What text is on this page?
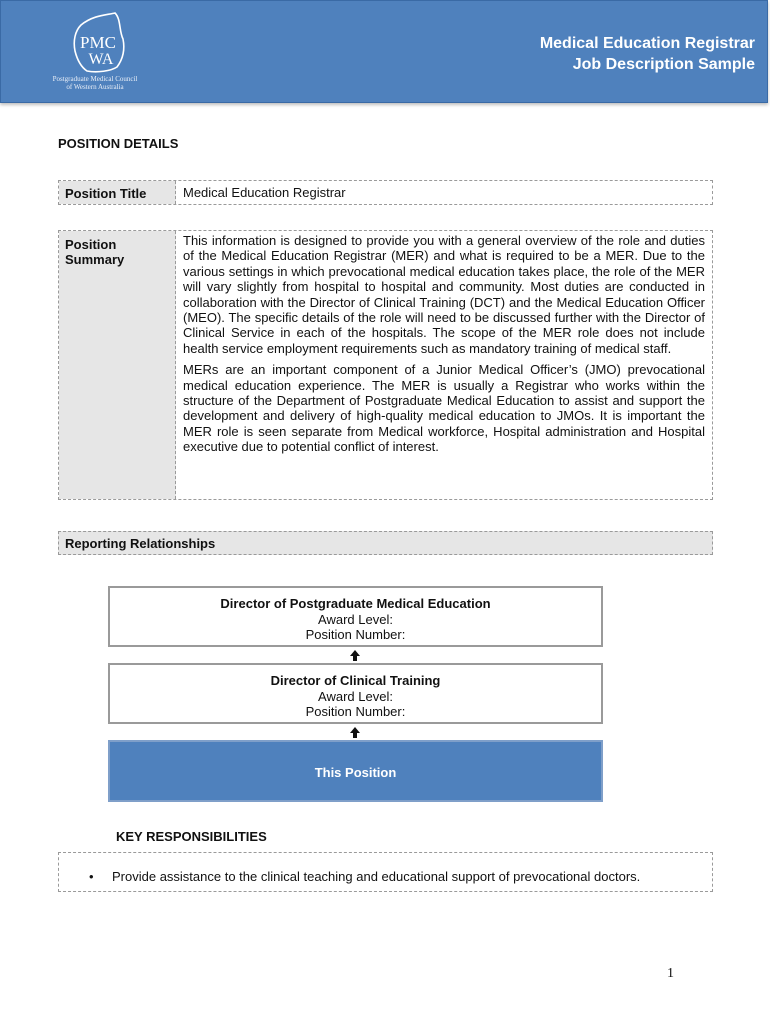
PMC
WA
Postgraduate Medical Council
of Western Australia
Medical Education Registrar
Job Description Sample
POSITION DETAILS
Position Title	Medical Education Registrar
Position Summary

This information is designed to provide you with a general overview of the role and duties of the Medical Education Registrar (MER) and what is required to be a MER. Due to the various settings in which prevocational medical education takes place, the role of the MER will vary slightly from hospital to hospital and community. Most duties are conducted in collaboration with the Director of Clinical Training (DCT) and the Medical Education Officer (MEO). The specific details of the role will need to be discussed further with the Director of Clinical Service in each of the hospitals. The scope of the MER role does not include health service employment requirements such as mandatory training of medical staff.

MERs are an important component of a Junior Medical Officer’s (JMO) prevocational medical education experience. The MER is usually a Registrar who works within the structure of the Department of Postgraduate Medical Education to assist and support the development and delivery of high-quality medical education to JMOs. It is important the MER role is seen separate from Medical workforce, Hospital administration and Hospital executive due to potential conflict of interest.

Reporting Relationships
Director of Postgraduate Medical Education
Award Level:
Position Number:
Director of Clinical Training
Award Level:
Position Number:
This Position
KEY RESPONSIBILITIES
• Provide assistance to the clinical teaching and educational support of prevocational doctors.
1
